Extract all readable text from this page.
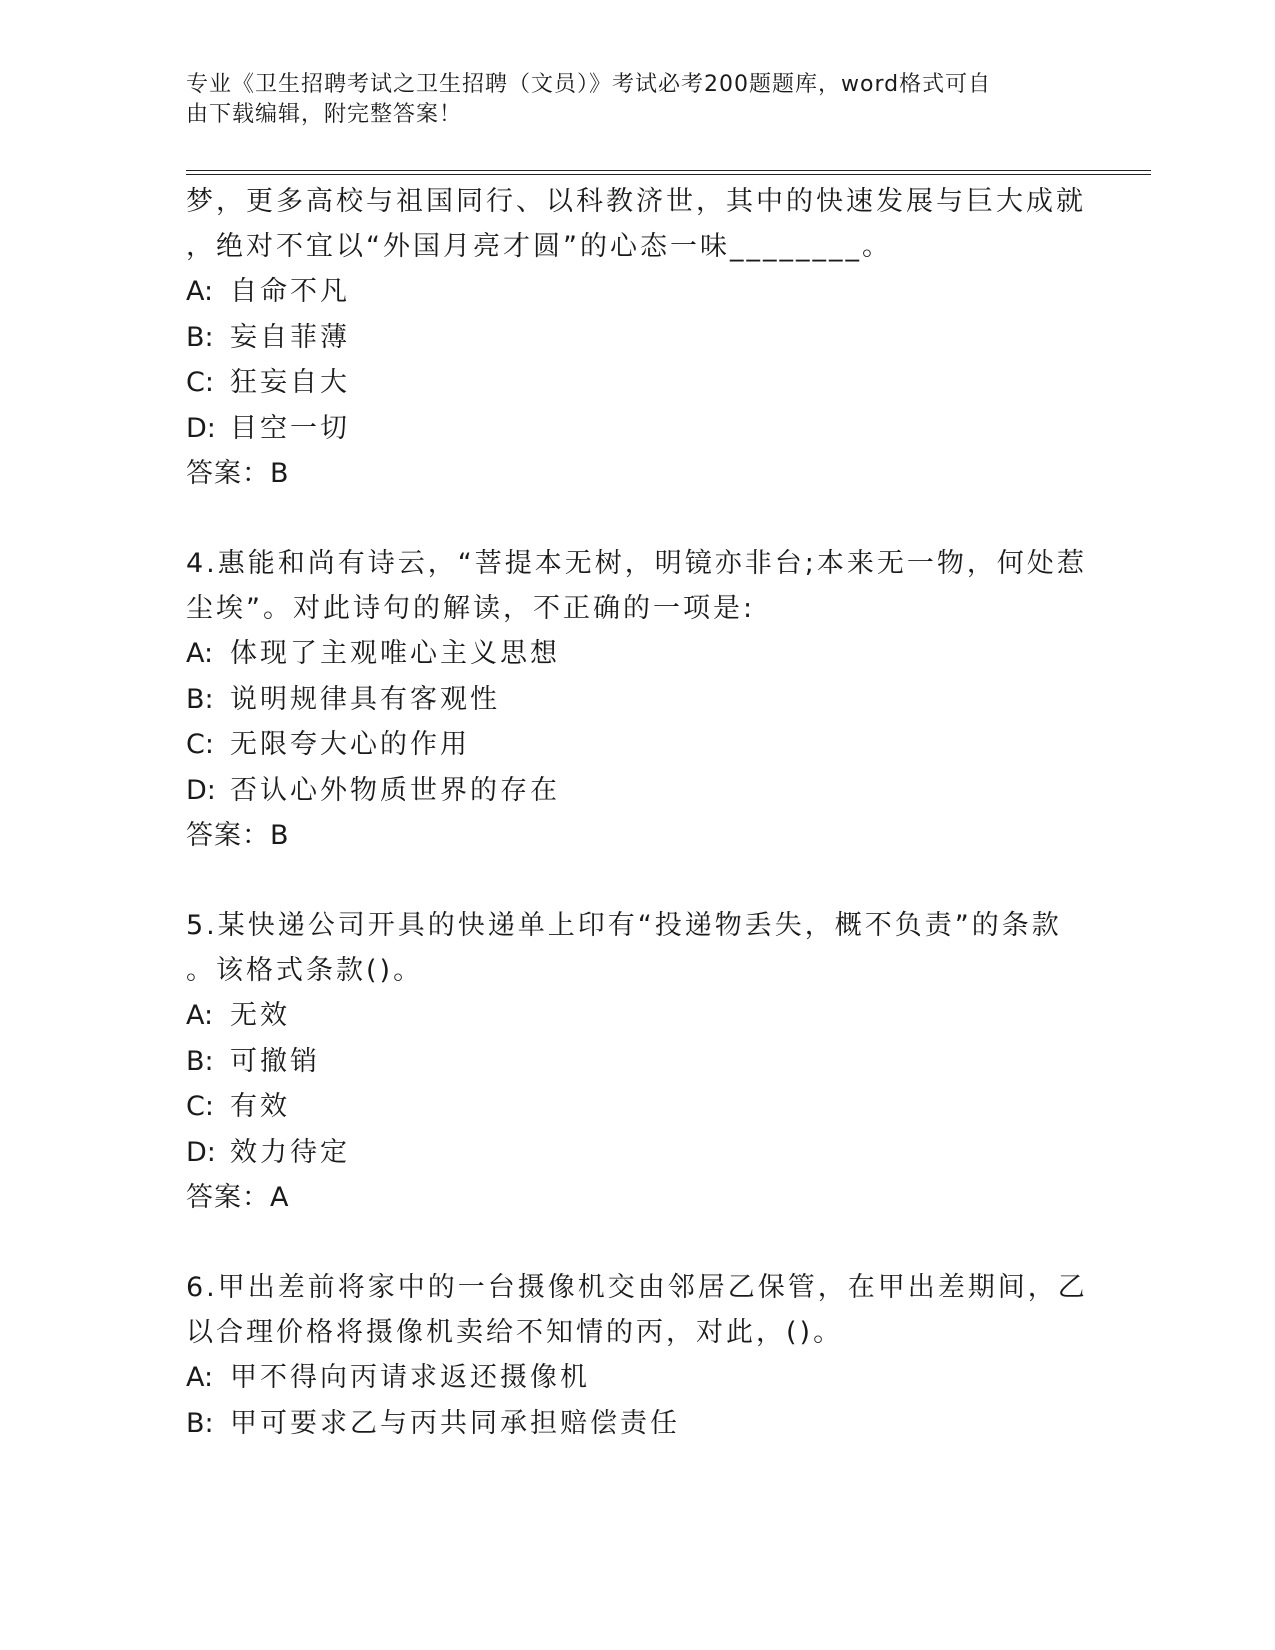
专业《卫生招聘考试之卫生招聘（文员）》考试必考200题题库，word格式可自
由下载编辑，附完整答案！

梦，更多高校与祖国同行、以科教济世，其中的快速发展与巨大成就
，绝对不宜以“外国月亮才圆”的心态一味________。
A: 自命不凡
B: 妄自菲薄
C: 狂妄自大
D: 目空一切
答案：B
4.惠能和尚有诗云，“菩提本无树，明镜亦非台;本来无一物，何处惹
尘埃”。对此诗句的解读，不正确的一项是:
A: 体现了主观唯心主义思想
B: 说明规律具有客观性
C: 无限夸大心的作用
D: 否认心外物质世界的存在
答案：B
5.某快递公司开具的快递单上印有“投递物丢失，概不负责”的条款
。该格式条款()。
A: 无效
B: 可撤销
C: 有效
D: 效力待定
答案：A
6.甲出差前将家中的一台摄像机交由邻居乙保管，在甲出差期间，乙
以合理价格将摄像机卖给不知情的丙，对此，()。
A: 甲不得向丙请求返还摄像机
B: 甲可要求乙与丙共同承担赔偿责任
